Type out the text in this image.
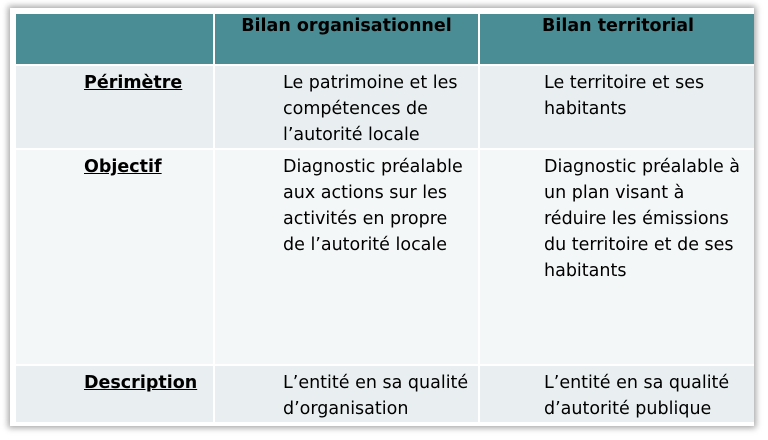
	Bilan organisationnel	Bilan territorial
Périmètre	Le patrimoine et les compétences de l’autorité locale	Le territoire et ses habitants
Objectif	Diagnostic préalable aux actions sur les activités en propre de l’autorité locale	Diagnostic préalable à un plan visant à réduire les émissions du territoire et de ses habitants
Description	L’entité en sa qualité d’organisation	L’entité en sa qualité d’autorité publique
